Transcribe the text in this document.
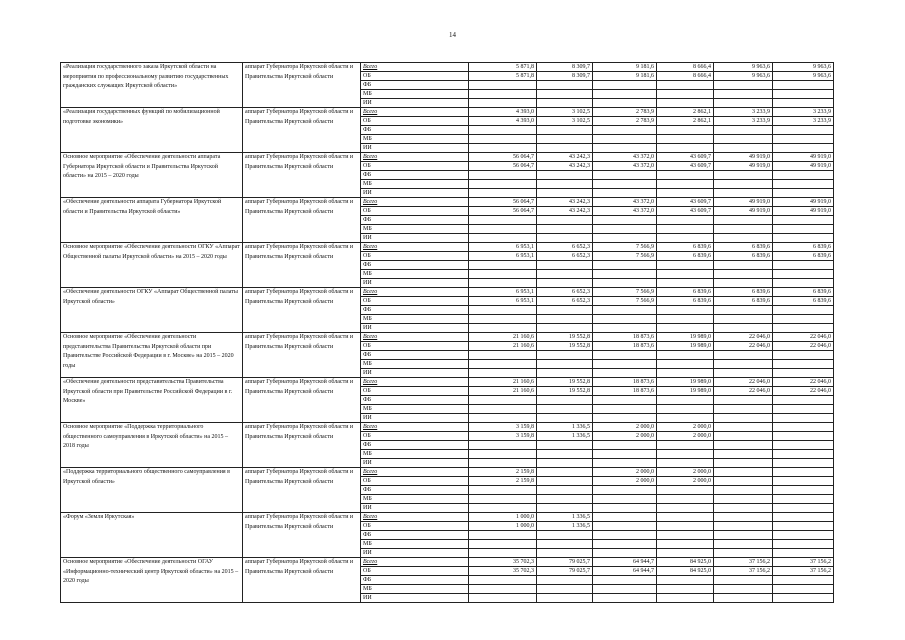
14
«Реализация государственного заказа Иркутской области на мероприятия по профессиональному развитию государственных гражданских служащих Иркутской области»	аппарат Губернатора Иркутской области и Правительства Иркутской области	Всего	5 871,8	8 309,7	9 181,6	8 666,4	9 963,6	9 963,6
		ОБ	5 871,8	8 309,7	9 181,6	8 666,4	9 963,6	9 963,6
		ФБ						
		МБ						
		ИИ						
«Реализация государственных функций по мобилизационной подготовке экономики»	аппарат Губернатора Иркутской области и Правительства Иркутской области	Всего	4 393,0	3 102,5	2 783,9	2 862,1	3 233,9	3 233,9
		ОБ	4 393,0	3 102,5	2 783,9	2 862,1	3 233,9	3 233,9
		ФБ						
		МБ						
		ИИ						
Основное мероприятие «Обеспечение деятельности аппарата Губернатора Иркутской области и Правительства Иркутской области» на 2015 – 2020 годы	аппарат Губернатора Иркутской области и Правительства Иркутской области	Всего	56 064,7	43 242,3	43 372,0	43 609,7	49 919,0	49 919,0
		ОБ	56 064,7	43 242,3	43 372,0	43 609,7	49 919,0	49 919,0
		ФБ						
		МБ						
		ИИ						
«Обеспечение деятельности аппарата Губернатора Иркутской области и Правительства Иркутской области»	аппарат Губернатора Иркутской области и Правительства Иркутской области	Всего	56 064,7	43 242,3	43 372,0	43 609,7	49 919,0	49 919,0
		ОБ	56 064,7	43 242,3	43 372,0	43 609,7	49 919,0	49 919,0
		ФБ						
		МБ						
		ИИ						
Основное мероприятие «Обеспечение деятельности ОГКУ «Аппарат Общественной палаты Иркутской области» на 2015 – 2020 годы	аппарат Губернатора Иркутской области и Правительства Иркутской области	Всего	6 953,1	6 652,3	7 566,9	6 839,6	6 839,6	6 839,6
		ОБ	6 953,1	6 652,3	7 566,9	6 839,6	6 839,6	6 839,6
		ФБ						
		МБ						
		ИИ						
«Обеспечение деятельности ОГКУ «Аппарат Общественной палаты Иркутской области»	аппарат Губернатора Иркутской области и Правительства Иркутской области	Всего	6 953,1	6 652,3	7 566,9	6 839,6	6 839,6	6 839,6
		ОБ	6 953,1	6 652,3	7 566,9	6 839,6	6 839,6	6 839,6
		ФБ						
		МБ						
		ИИ						
Основное мероприятие «Обеспечение деятельности представительства Правительства Иркутской области при Правительстве Российской Федерации в г. Москве» на 2015 – 2020 годы	аппарат Губернатора Иркутской области и Правительства Иркутской области	Всего	21 160,6	19 552,8	18 873,6	19 989,0	22 046,0	22 046,0
		ОБ	21 160,6	19 552,8	18 873,6	19 989,0	22 046,0	22 046,0
		ФБ						
		МБ						
		ИИ						
«Обеспечение деятельности представительства Правительства Иркутской области при Правительстве Российской Федерации в г. Москве»	аппарат Губернатора Иркутской области и Правительства Иркутской области	Всего	21 160,6	19 552,8	18 873,6	19 989,0	22 046,0	22 046,0
		ОБ	21 160,6	19 552,8	18 873,6	19 989,0	22 046,0	22 046,0
		ФБ						
		МБ						
		ИИ						
Основное мероприятие «Поддержка территориального общественного самоуправления в Иркутской области» на 2015 – 2018 годы	аппарат Губернатора Иркутской области и Правительства Иркутской области	Всего	3 159,8	1 336,5	2 000,0	2 000,0		
		ОБ	3 159,8	1 336,5	2 000,0	2 000,0		
		ФБ						
		МБ						
		ИИ						
«Поддержка территориального общественного самоуправления в Иркутской области»	аппарат Губернатора Иркутской области и Правительства Иркутской области	Всего	2 159,8		2 000,0	2 000,0		
		ОБ	2 159,8		2 000,0	2 000,0		
		ФБ						
		МБ						
		ИИ						
«Форум «Земля Иркутская»	аппарат Губернатора Иркутской области и Правительства Иркутской области	Всего	1 000,0	1 336,5				
		ОБ	1 000,0	1 336,5				
		ФБ						
		МБ						
		ИИ						
Основное мероприятие «Обеспечение деятельности ОГАУ «Информационно-технический центр Иркутской области» на 2015 – 2020 годы	аппарат Губернатора Иркутской области и Правительства Иркутской области	Всего	35 702,3	79 025,7	64 944,7	84 925,0	37 156,2	37 156,2
		ОБ	35 702,3	79 025,7	64 944,7	84 925,0	37 156,2	37 156,2
		ФБ						
		МБ						
		ИИ						
